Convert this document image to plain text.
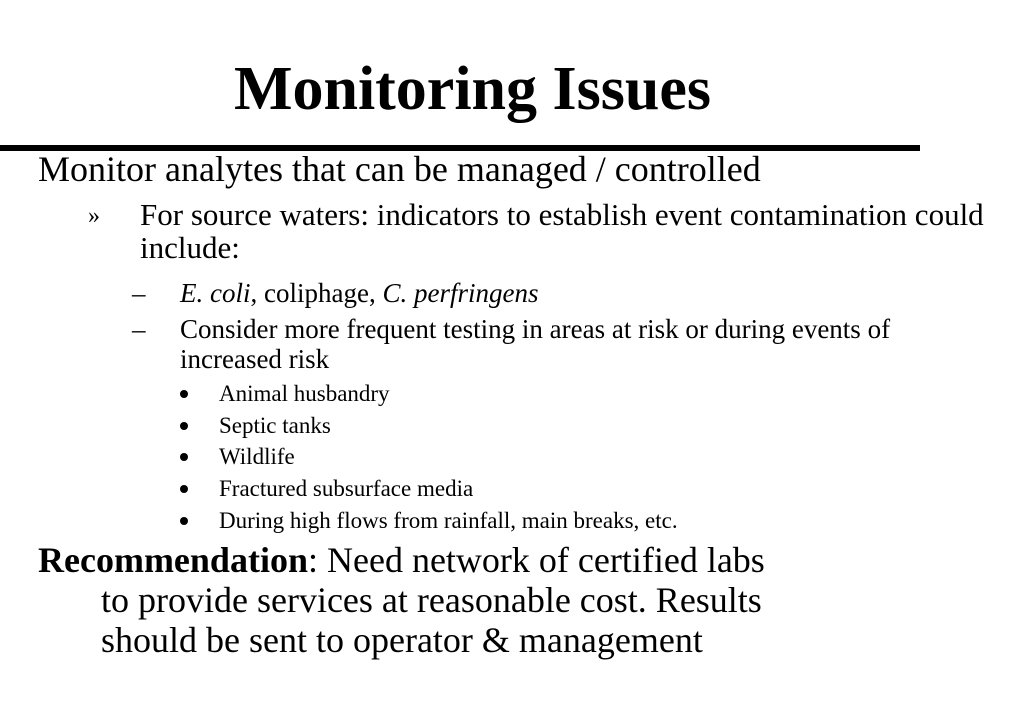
Monitoring Issues
Monitor analytes that can be managed / controlled
» For source waters: indicators to establish event contamination could include:
– E. coli, coliphage, C. perfringens
– Consider more frequent testing in areas at risk or during events of increased risk
Animal husbandry
Septic tanks
Wildlife
Fractured subsurface media
During high flows from rainfall, main breaks, etc.
Recommendation: Need network of certified labs
to provide services at reasonable cost. Results
should be sent to operator & management
